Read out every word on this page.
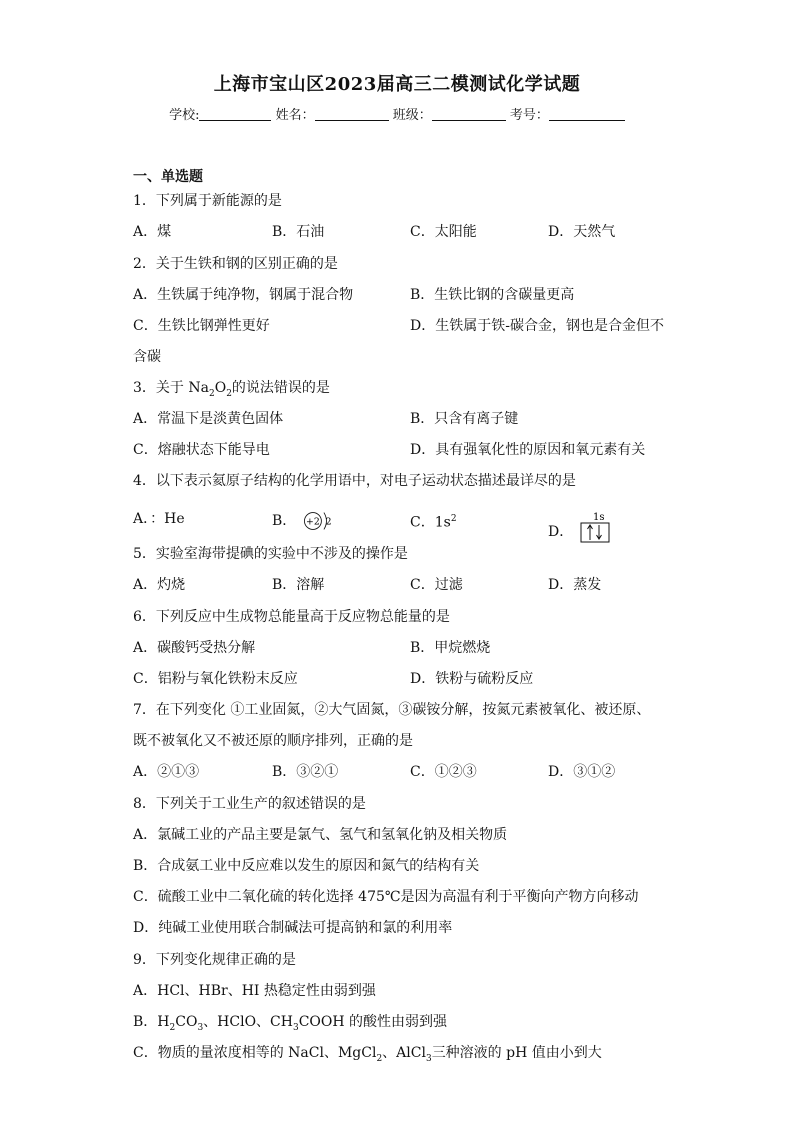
上海市宝山区2023届高三二模测试化学试题
学校:	姓名：	班级：	考号：
一、单选题
1．下列属于新能源的是
A．煤	B．石油	C．太阳能	D．天然气
2．关于生铁和钢的区别正确的是
A．生铁属于纯净物，钢属于混合物	B．生铁比钢的含碳量更高
C．生铁比钢弹性更好	D．生铁属于铁-碳合金，钢也是合金但不
含碳
3．关于 $Na_2O_2$的说法错误的是
A．常温下是淡黄色固体	B．只含有离子键
C．熔融状态下能导电	D．具有强氧化性的原因和氧元素有关
4．以下表示氦原子结构的化学用语中，对电子运动状态描述最详尽的是
A．：He	B． +2 2	C．$1s^2$
D．
1s
5．实验室海带提碘的实验中不涉及的操作是
A．灼烧	B．溶解	C．过滤	D．蒸发
6．下列反应中生成物总能量高于反应物总能量的是
A．碳酸钙受热分解	B．甲烷燃烧
C．铝粉与氧化铁粉末反应	D．铁粉与硫粉反应
7．在下列变化 ①工业固氮，②大气固氮，③碳铵分解，按氮元素被氧化、被还原、
既不被氧化又不被还原的顺序排列，正确的是
A．②①③	B．③②①	C．①②③	D．③①②
8．下列关于工业生产的叙述错误的是
A．氯碱工业的产品主要是氯气、氢气和氢氧化钠及相关物质
B．合成氨工业中反应难以发生的原因和氮气的结构有关
C．硫酸工业中二氧化硫的转化选择 475℃是因为高温有利于平衡向产物方向移动
D．纯碱工业使用联合制碱法可提高钠和氯的利用率
9．下列变化规律正确的是
A．HCl、HBr、HI 热稳定性由弱到强
B．$H_2CO_3$、HClO、$CH_3COOH$ 的酸性由弱到强
C．物质的量浓度相等的 NaCl、MgCl$_2$、AlCl$_3$三种溶液的 pH 值由小到大
